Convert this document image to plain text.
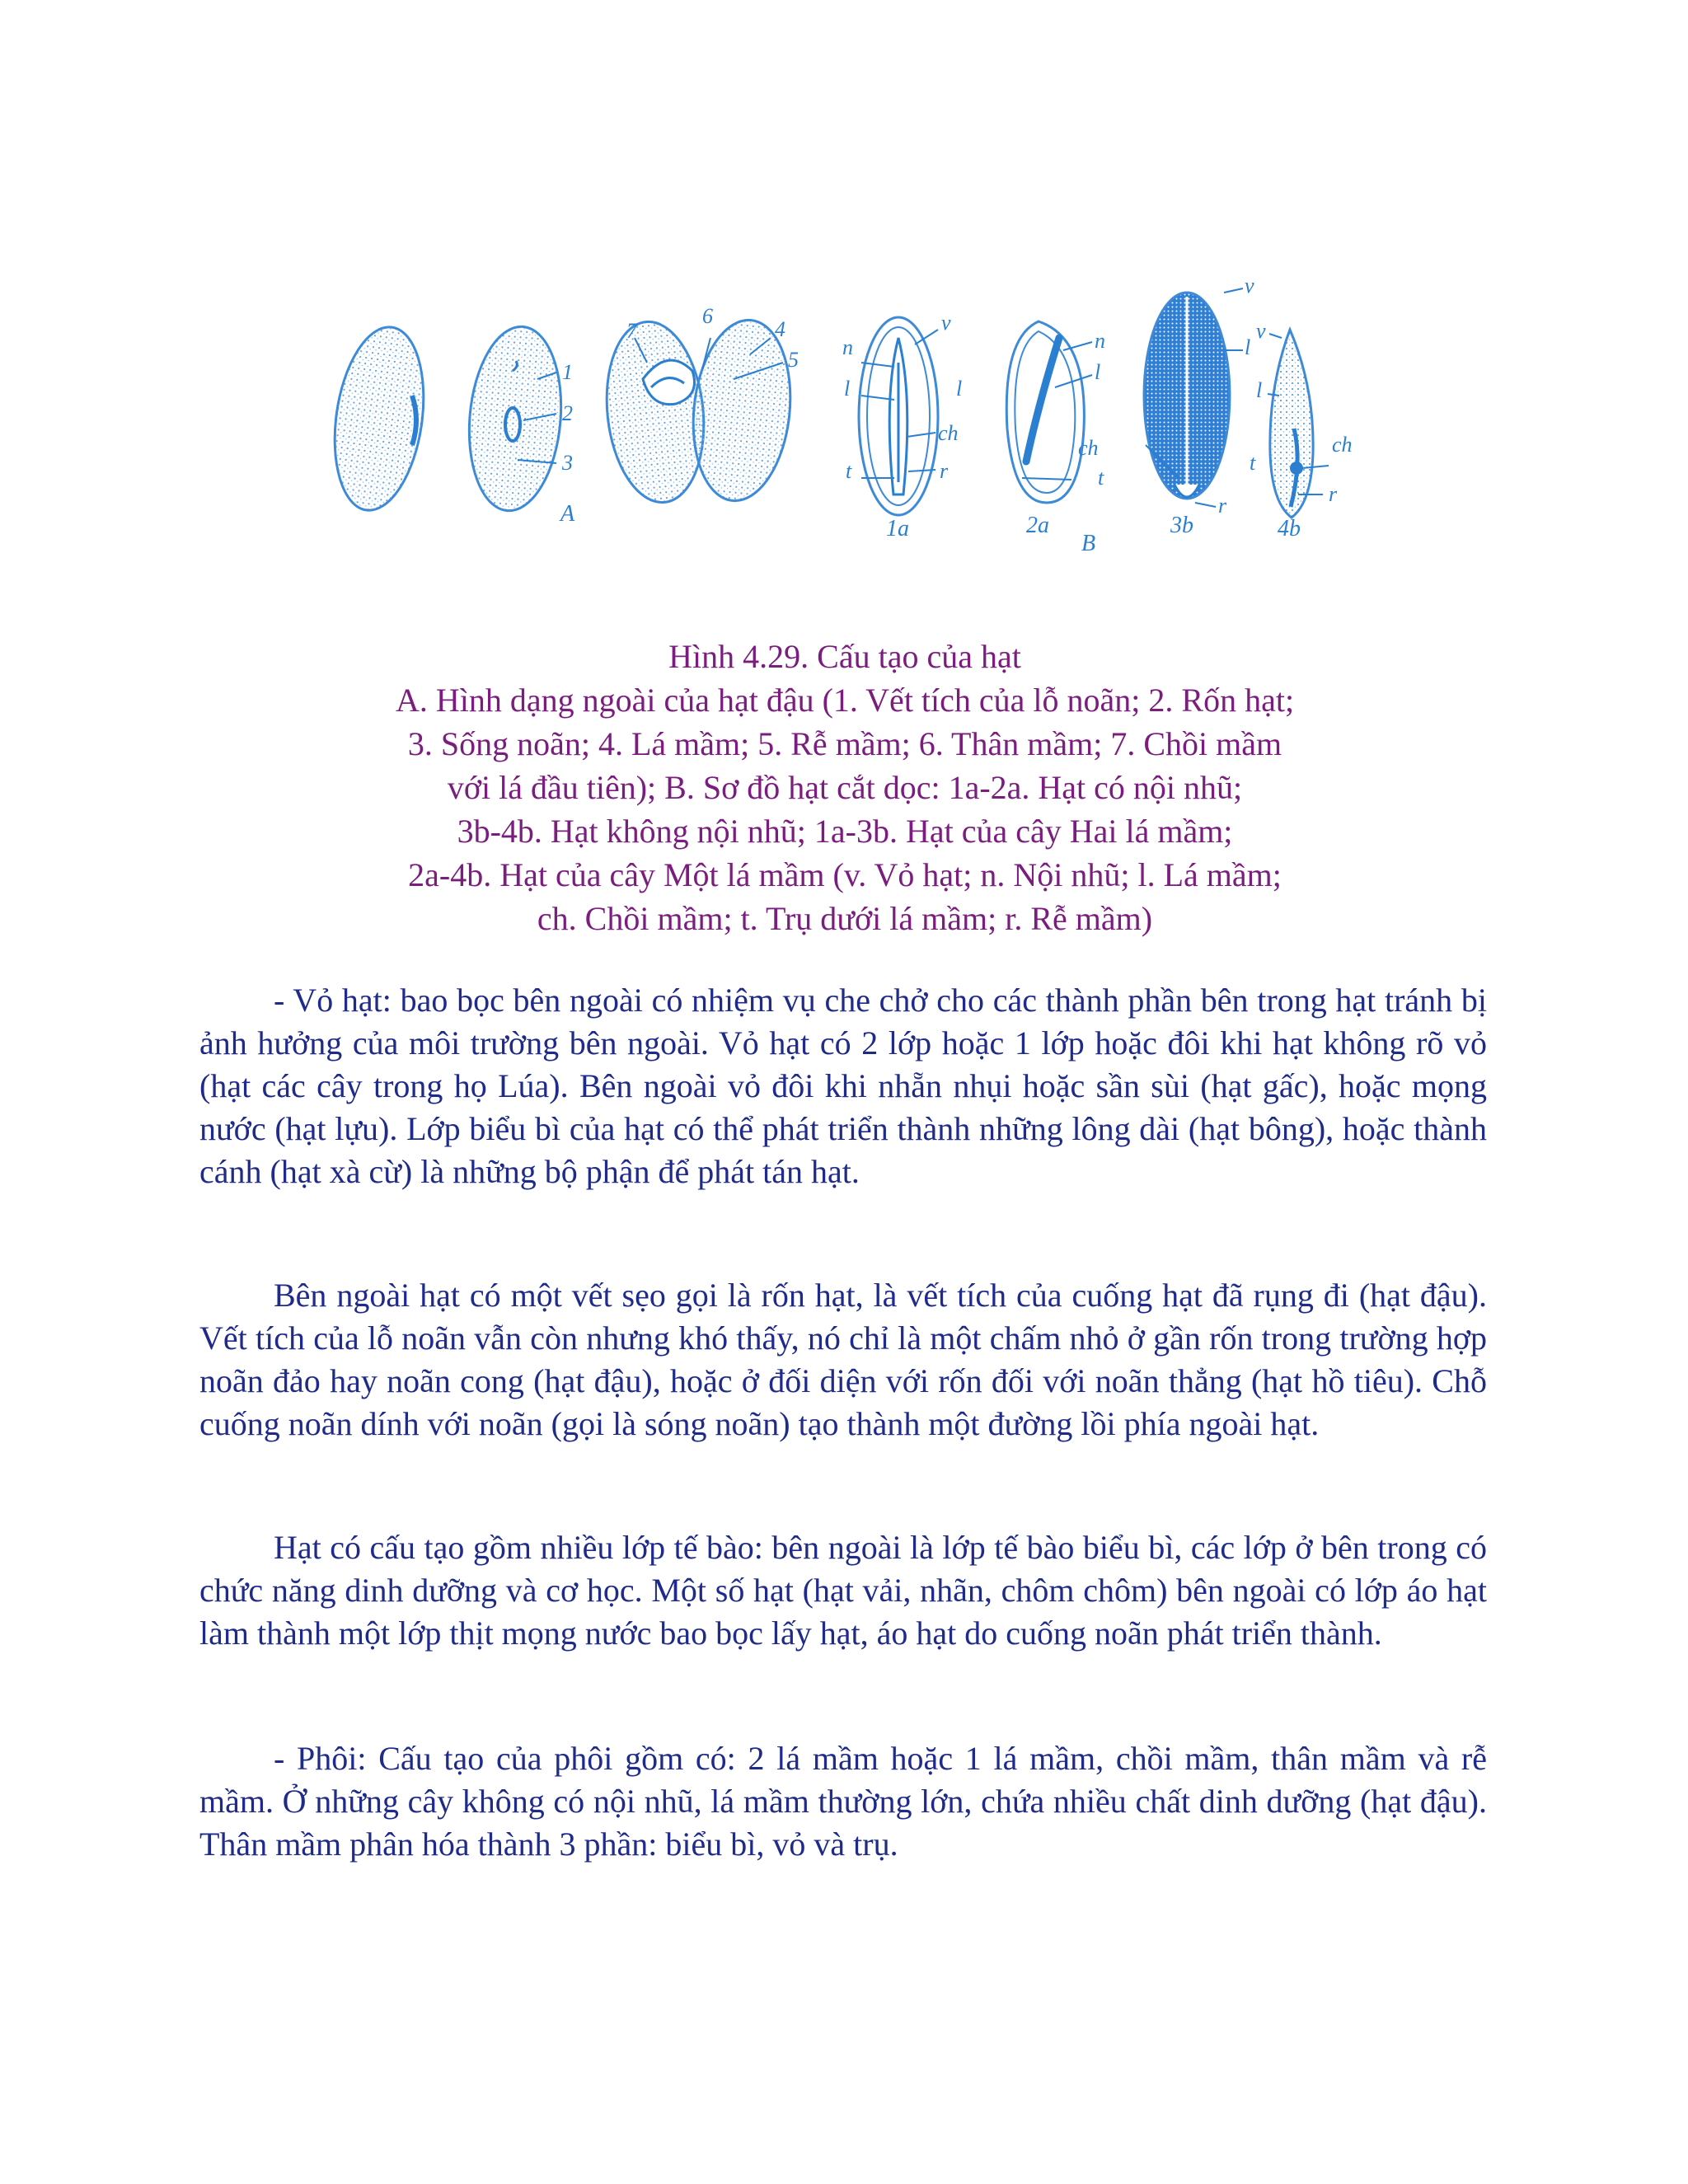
1
2
3
4
5
6
7
A
n
v
l	l
ch
t	r
n
l
ch
t
v
l
r
v
l
t
ch
r
1a	2a	3b	4b
B
Hình 4.29. Cấu tạo của hạt
A. Hình dạng ngoài của hạt đậu (1. Vết tích của lỗ noãn; 2. Rốn hạt;
3. Sống noãn; 4. Lá mầm; 5. Rễ mầm; 6. Thân mầm; 7. Chồi mầm
với lá đầu tiên); B. Sơ đồ hạt cắt dọc: 1a-2a. Hạt có nội nhũ;
3b-4b. Hạt không nội nhũ; 1a-3b. Hạt của cây Hai lá mầm;
2a-4b. Hạt của cây Một lá mầm (v. Vỏ hạt; n. Nội nhũ; l. Lá mầm;
ch. Chồi mầm; t. Trụ dưới lá mầm; r. Rễ mầm)

- Vỏ hạt: bao bọc bên ngoài có nhiệm vụ che chở cho các thành phần bên trong hạt tránh bị ảnh hưởng của môi trường bên ngoài. Vỏ hạt có 2 lớp hoặc 1 lớp hoặc đôi khi hạt không rõ vỏ (hạt các cây trong họ Lúa). Bên ngoài vỏ đôi khi nhẵn nhụi hoặc sần sùi (hạt gấc), hoặc mọng nước (hạt lựu). Lớp biểu bì của hạt có thể phát triển thành những lông dài (hạt bông), hoặc thành cánh (hạt xà cừ) là những bộ phận để phát tán hạt.

Bên ngoài hạt có một vết sẹo gọi là rốn hạt, là vết tích của cuống hạt đã rụng đi (hạt đậu). Vết tích của lỗ noãn vẫn còn nhưng khó thấy, nó chỉ là một chấm nhỏ ở gần rốn trong trường hợp noãn đảo hay noãn cong (hạt đậu), hoặc ở đối diện với rốn đối với noãn thẳng (hạt hồ tiêu). Chỗ cuống noãn dính với noãn (gọi là sóng noãn) tạo thành một đường lồi phía ngoài hạt.

Hạt có cấu tạo gồm nhiều lớp tế bào: bên ngoài là lớp tế bào biểu bì, các lớp ở bên trong có chức năng dinh dưỡng và cơ học. Một số hạt (hạt vải, nhãn, chôm chôm) bên ngoài có lớp áo hạt làm thành một lớp thịt mọng nước bao bọc lấy hạt, áo hạt do cuống noãn phát triển thành.

- Phôi: Cấu tạo của phôi gồm có: 2 lá mầm hoặc 1 lá mầm, chồi mầm, thân mầm và rễ mầm. Ở những cây không có nội nhũ, lá mầm thường lớn, chứa nhiều chất dinh dưỡng (hạt đậu). Thân mầm phân hóa thành 3 phần: biểu bì, vỏ và trụ.
